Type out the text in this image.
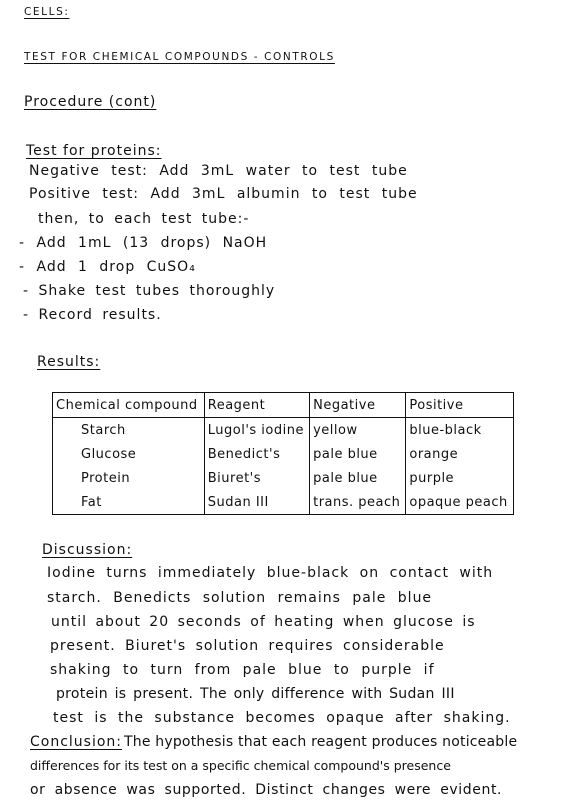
CELLS:
TEST FOR CHEMICAL COMPOUNDS - CONTROLS
Procedure (cont)
Test for proteins:
Negative test: Add 3mL water to test tube
Positive test: Add 3mL albumin to test tube
then, to each test tube:-
- Add 1mL (13 drops) NaOH
- Add 1 drop CuSO₄
- Shake test tubes thoroughly
- Record results.
Results:
Chemical compound	Reagent	Negative	Positive
Starch	Lugol's iodine	yellow	blue-black
Glucose	Benedict's	pale blue	orange
Protein	Biuret's	pale blue	purple
Fat	Sudan III	trans. peach	opaque peach
Discussion:
Iodine turns immediately blue-black on contact with
starch. Benedicts solution remains pale blue
until about 20 seconds of heating when glucose is
present. Biuret's solution requires considerable
shaking to turn from pale blue to purple if
protein is present. The only difference with Sudan III
test is the substance becomes opaque after shaking.
Conclusion: The hypothesis that each reagent produces noticeable
differences for its test on a specific chemical compound's presence
or absence was supported. Distinct changes were evident.
